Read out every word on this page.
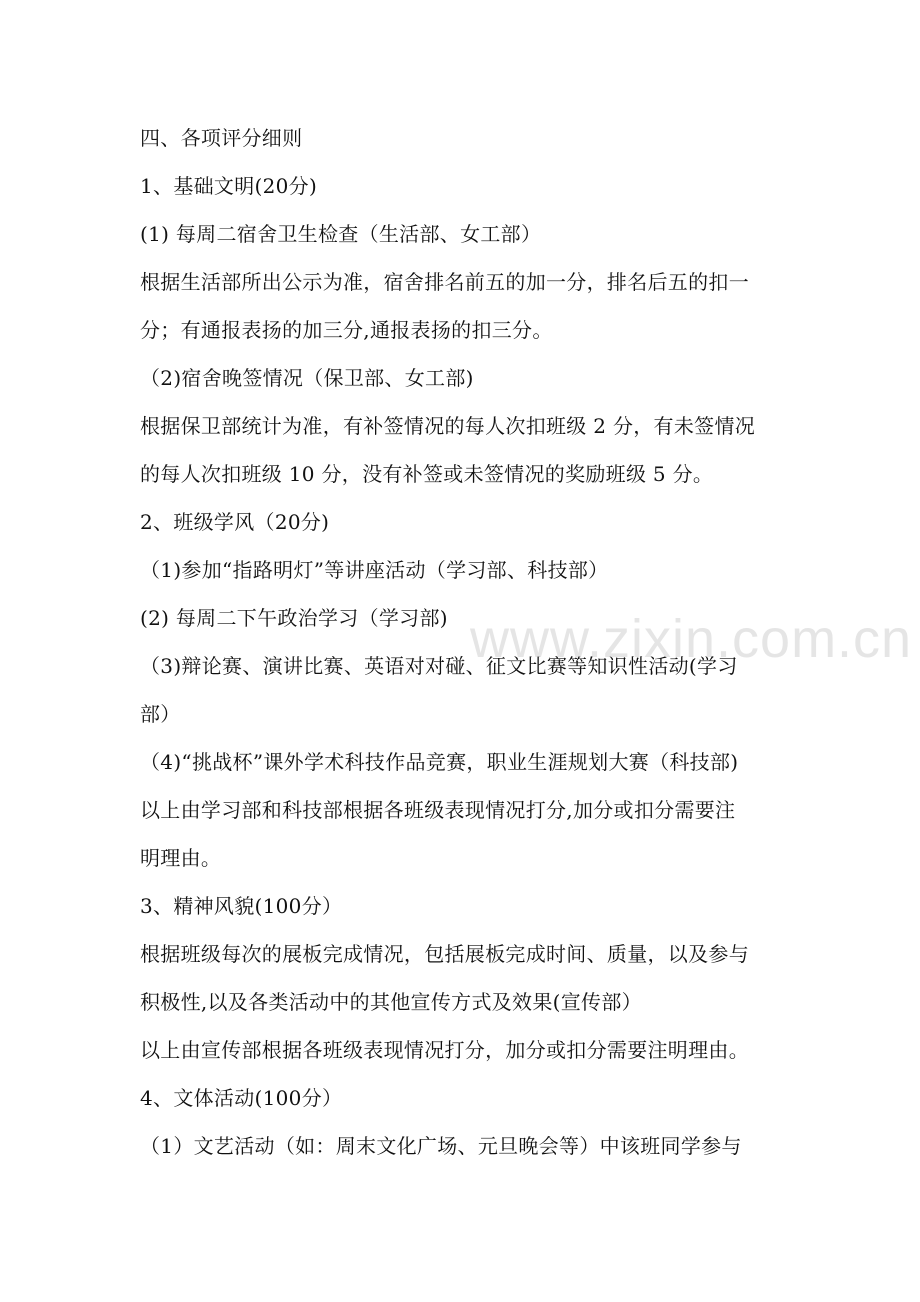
四、各项评分细则
1、基础文明(20分)
(1) 每周二宿舍卫生检查（生活部、女工部）
根据生活部所出公示为准，宿舍排名前五的加一分，排名后五的扣一
分；有通报表扬的加三分,通报表扬的扣三分。
（2)宿舍晚签情况（保卫部、女工部)
根据保卫部统计为准，有补签情况的每人次扣班级 2 分，有未签情况
的每人次扣班级 10 分，没有补签或未签情况的奖励班级 5 分。
2、班级学风（20分)
（1)参加“指路明灯”等讲座活动（学习部、科技部）
(2) 每周二下午政治学习（学习部)
（3)辩论赛、演讲比赛、英语对对碰、征文比赛等知识性活动(学习
部）
（4)“挑战杯”课外学术科技作品竞赛，职业生涯规划大赛（科技部)
以上由学习部和科技部根据各班级表现情况打分,加分或扣分需要注
明理由。
3、精神风貌(100分）
根据班级每次的展板完成情况，包括展板完成时间、质量，以及参与
积极性,以及各类活动中的其他宣传方式及效果(宣传部）
以上由宣传部根据各班级表现情况打分，加分或扣分需要注明理由。
4、文体活动(100分）
（1）文艺活动（如：周末文化广场、元旦晚会等）中该班同学参与
www.zixin.com.cn
